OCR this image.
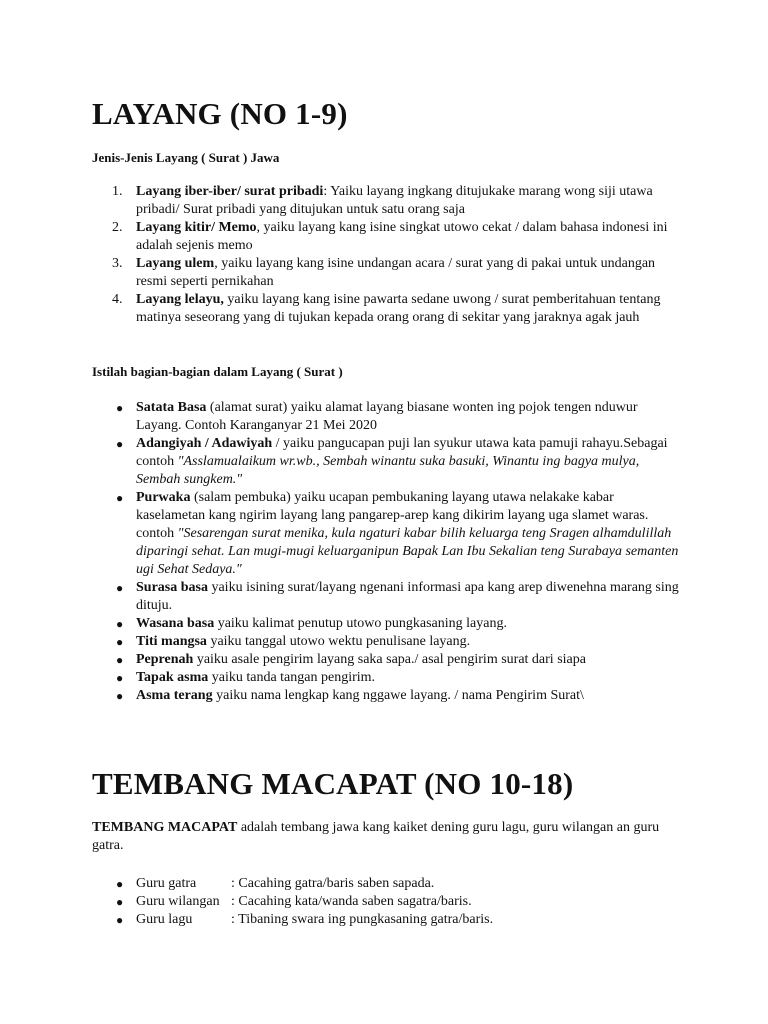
LAYANG (NO 1-9)

Jenis-Jenis Layang ( Surat ) Jawa

1. Layang iber-iber/ surat pribadi: Yaiku layang ingkang ditujukake marang wong siji utawa pribadi/ Surat pribadi yang ditujukan untuk satu orang saja
2. Layang kitir/ Memo, yaiku layang kang isine singkat utowo cekat / dalam bahasa indonesi ini adalah sejenis memo
3. Layang ulem, yaiku layang kang isine undangan acara / surat yang di pakai untuk undangan resmi seperti pernikahan
4. Layang lelayu, yaiku layang kang isine pawarta sedane uwong / surat pemberitahuan tentang matinya seseorang yang di tujukan kepada orang orang di sekitar yang jaraknya agak jauh

Istilah bagian-bagian dalam Layang ( Surat )

● Satata Basa (alamat surat) yaiku alamat layang biasane wonten ing pojok tengen nduwur Layang. Contoh Karanganyar 21 Mei 2020
● Adangiyah / Adawiyah / yaiku pangucapan puji lan syukur utawa kata pamuji rahayu.Sebagai contoh "Asslamualaikum wr.wb., Sembah winantu suka basuki, Winantu ing bagya mulya, Sembah sungkem."
● Purwaka (salam pembuka) yaiku ucapan pembukaning layang utawa nelakake kabar kaselametan kang ngirim layang lang pangarep-arep kang dikirim layang uga slamet waras. contoh "Sesarengan surat menika, kula ngaturi kabar bilih keluarga teng Sragen alhamdulillah diparingi sehat. Lan mugi-mugi keluarganipun Bapak Lan Ibu Sekalian teng Surabaya semanten ugi Sehat Sedaya."
● Surasa basa yaiku isining surat/layang ngenani informasi apa kang arep diwenehna marang sing dituju.
● Wasana basa yaiku kalimat penutup utowo pungkasaning layang.
● Titi mangsa yaiku tanggal utowo wektu penulisane layang.
● Peprenah yaiku asale pengirim layang saka sapa./ asal pengirim surat dari siapa
● Tapak asma yaiku tanda tangan pengirim.
● Asma terang yaiku nama lengkap kang nggawe layang. / nama Pengirim Surat\
TEMBANG MACAPAT (NO 10-18)

TEMBANG MACAPAT adalah tembang jawa kang kaiket dening guru lagu, guru wilangan an guru gatra.

● Guru gatra : Cacahing gatra/baris saben sapada.
● Guru wilangan : Cacahing kata/wanda saben sagatra/baris.
● Guru lagu	: Tibaning swara ing pungkasaning gatra/baris.
